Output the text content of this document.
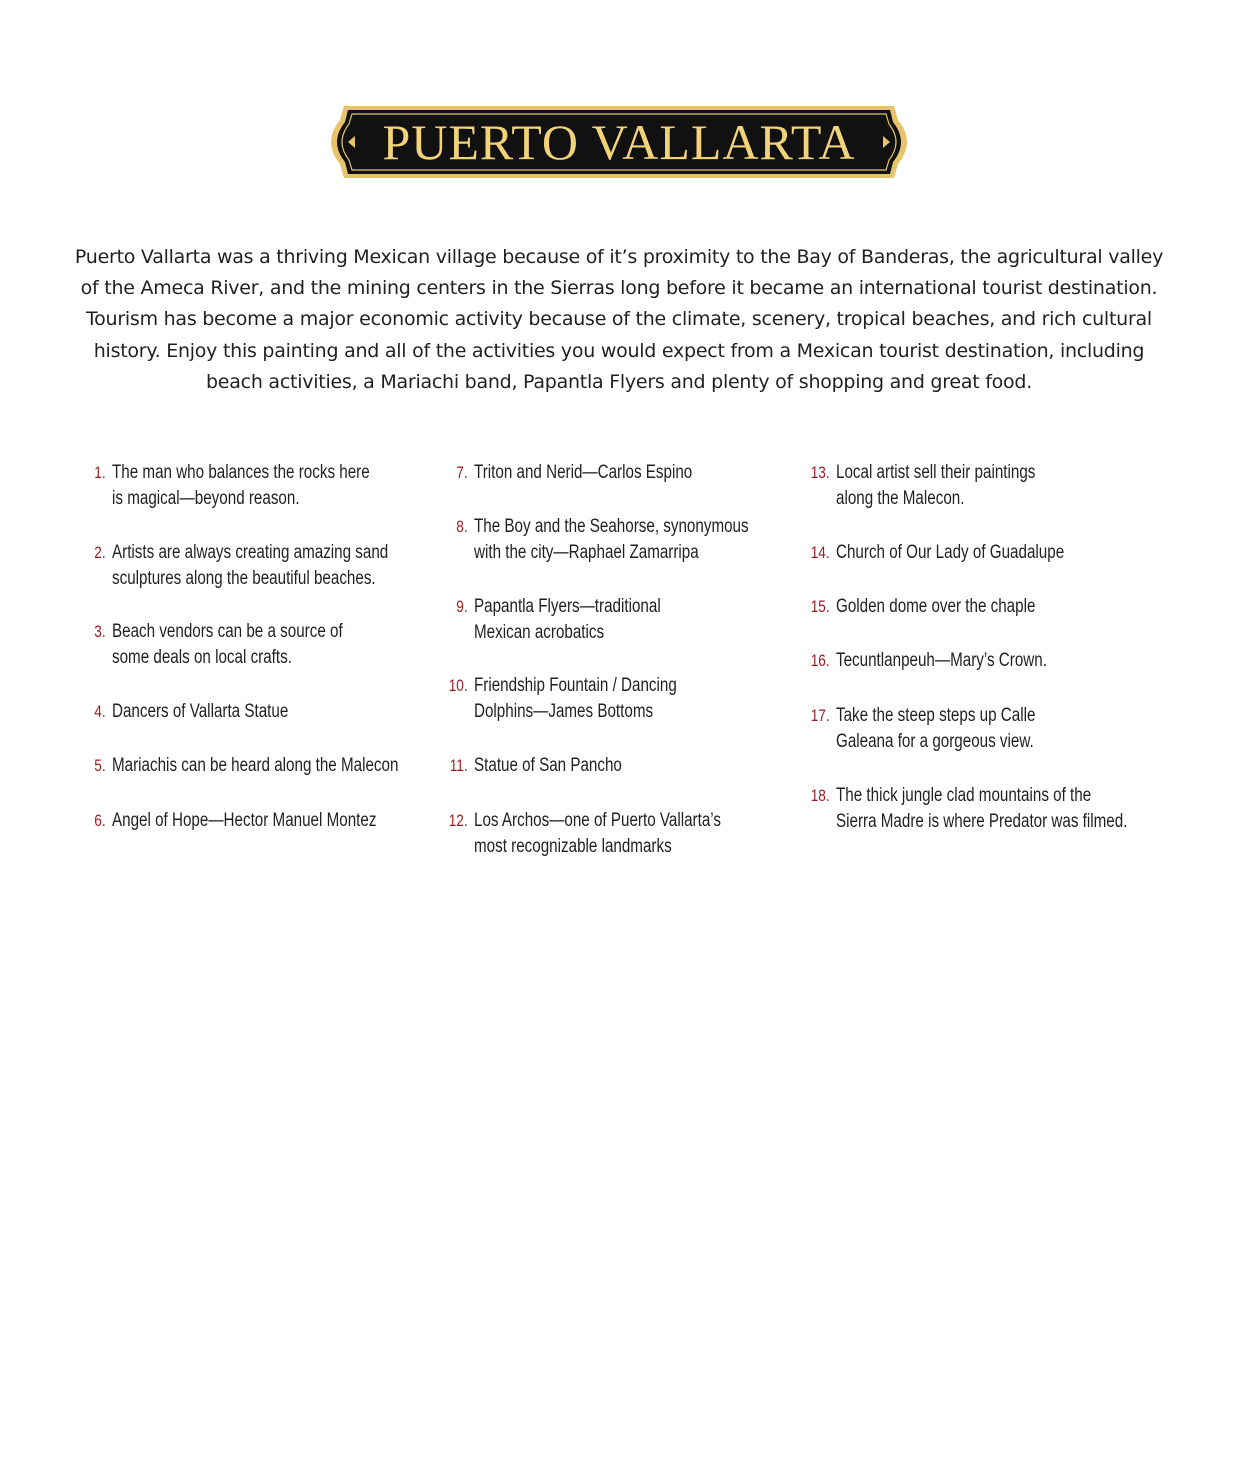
PUERTO VALLARTA

Puerto Vallarta was a thriving Mexican village because of it’s proximity to the Bay of Banderas, the agricultural valley of the Ameca River, and the mining centers in the Sierras long before it became an international tourist destination. Tourism has become a major economic activity because of the climate, scenery, tropical beaches, and rich cultural history. Enjoy this painting and all of the activities you would expect from a Mexican tourist destination, including beach activities, a Mariachi band, Papantla Flyers and plenty of shopping and great food.

1. The man who balances the rocks here
is magical—beyond reason.
2. Artists are always creating amazing sand
sculptures along the beautiful beaches.
3. Beach vendors can be a source of
some deals on local crafts.
4. Dancers of Vallarta Statue
5. Mariachis can be heard along the Malecon
6. Angel of Hope—Hector Manuel Montez
7. Triton and Nerid—Carlos Espino
8. The Boy and the Seahorse, synonymous
with the city—Raphael Zamarripa
9. Papantla Flyers—traditional
Mexican acrobatics
10. Friendship Fountain / Dancing
Dolphins—James Bottoms
11. Statue of San Pancho
12. Los Archos—one of Puerto Vallarta’s
most recognizable landmarks
13. Local artist sell their paintings
along the Malecon.
14. Church of Our Lady of Guadalupe
15. Golden dome over the chaple
16. Tecuntlanpeuh—Mary’s Crown.
17. Take the steep steps up Calle
Galeana for a gorgeous view.
18. The thick jungle clad mountains of the
Sierra Madre is where Predator was filmed.
